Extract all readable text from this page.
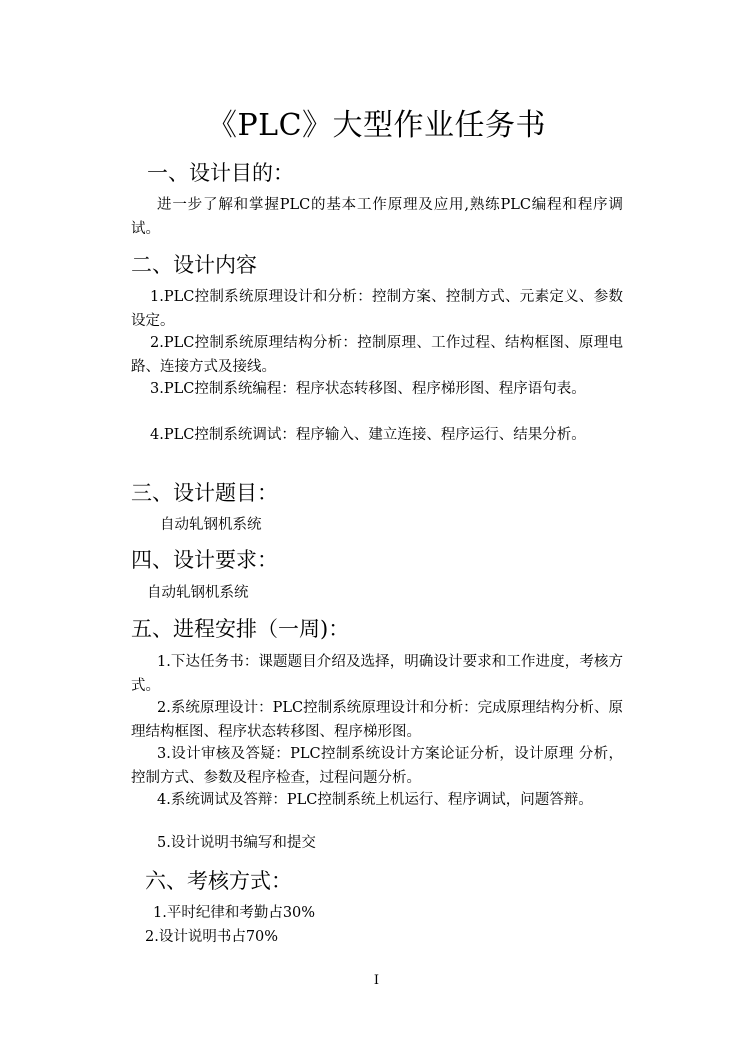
《PLC》大型作业任务书
一、设计目的：

进一步了解和掌握PLC的基本工作原理及应用,熟练PLC编程和程序调试。

二、设计内容

1.PLC控制系统原理设计和分析：控制方案、控制方式、元素定义、参数设定。

2.PLC控制系统原理结构分析：控制原理、工作过程、结构框图、原理电路、连接方式及接线。

3.PLC控制系统编程：程序状态转移图、程序梯形图、程序语句表。

4.PLC控制系统调试：程序输入、建立连接、程序运行、结果分析。

三、设计题目：

自动轧钢机系统

四、设计要求：

自动轧钢机系统

五、进程安排（一周)：

1.下达任务书：课题题目介绍及选择，明确设计要求和工作进度，考核方式。

2.系统原理设计：PLC控制系统原理设计和分析：完成原理结构分析、原理结构框图、程序状态转移图、程序梯形图。

3.设计审核及答疑：PLC控制系统设计方案论证分析，设计原理 分析，控制方式、参数及程序检查，过程问题分析。

4.系统调试及答辩：PLC控制系统上机运行、程序调试，问题答辩。

5.设计说明书编写和提交

六、考核方式：

1.平时纪律和考勤占30%

2.设计说明书占70%

I
